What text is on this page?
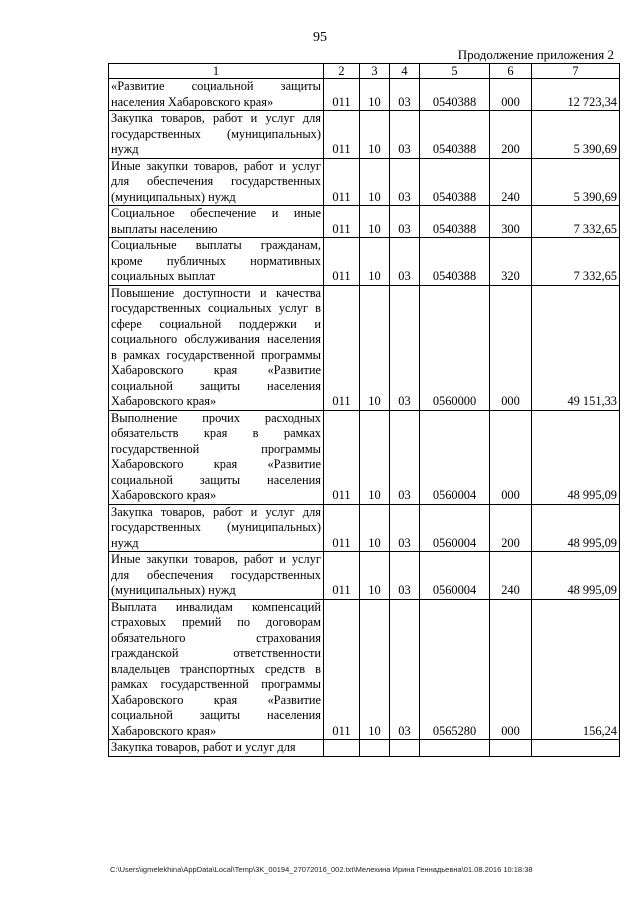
95
Продолжение приложения 2
1	2	3	4	5	6	7
«Развитие социальной защиты населения Хабаровского края»	011	10	03	0540388	000	12 723,34
Закупка товаров, работ и услуг для государственных (муниципальных) нужд	011	10	03	0540388	200	5 390,69
Иные закупки товаров, работ и услуг для обеспечения государственных (муниципальных) нужд	011	10	03	0540388	240	5 390,69
Социальное обеспечение и иные выплаты населению	011	10	03	0540388	300	7 332,65
Социальные выплаты гражданам, кроме публичных нормативных социальных выплат	011	10	03	0540388	320	7 332,65
Повышение доступности и качества государственных социальных услуг в сфере социальной поддержки и социального обслуживания населения в рамках государственной программы Хабаровского края «Развитие социальной защиты населения Хабаровского края»	011	10	03	0560000	000	49 151,33
Выполнение прочих расходных обязательств края в рамках государственной программы Хабаровского края «Развитие социальной защиты населения Хабаровского края»	011	10	03	0560004	000	48 995,09
Закупка товаров, работ и услуг для государственных (муниципальных) нужд	011	10	03	0560004	200	48 995,09
Иные закупки товаров, работ и услуг для обеспечения государственных (муниципальных) нужд	011	10	03	0560004	240	48 995,09
Выплата инвалидам компенсаций страховых премий по договорам обязательного страхования гражданской ответственности владельцев транспортных средств в рамках государственной программы Хабаровского края «Развитие социальной защиты населения Хабаровского края»	011	10	03	0565280	000	156,24
Закупка товаров, работ и услуг для						
C:\Users\igmelekhina\AppData\Local\Temp\3K_00194_27072016_002.txt\Мелехина Ирина Геннадьевна\01.08.2016 10:18:38
